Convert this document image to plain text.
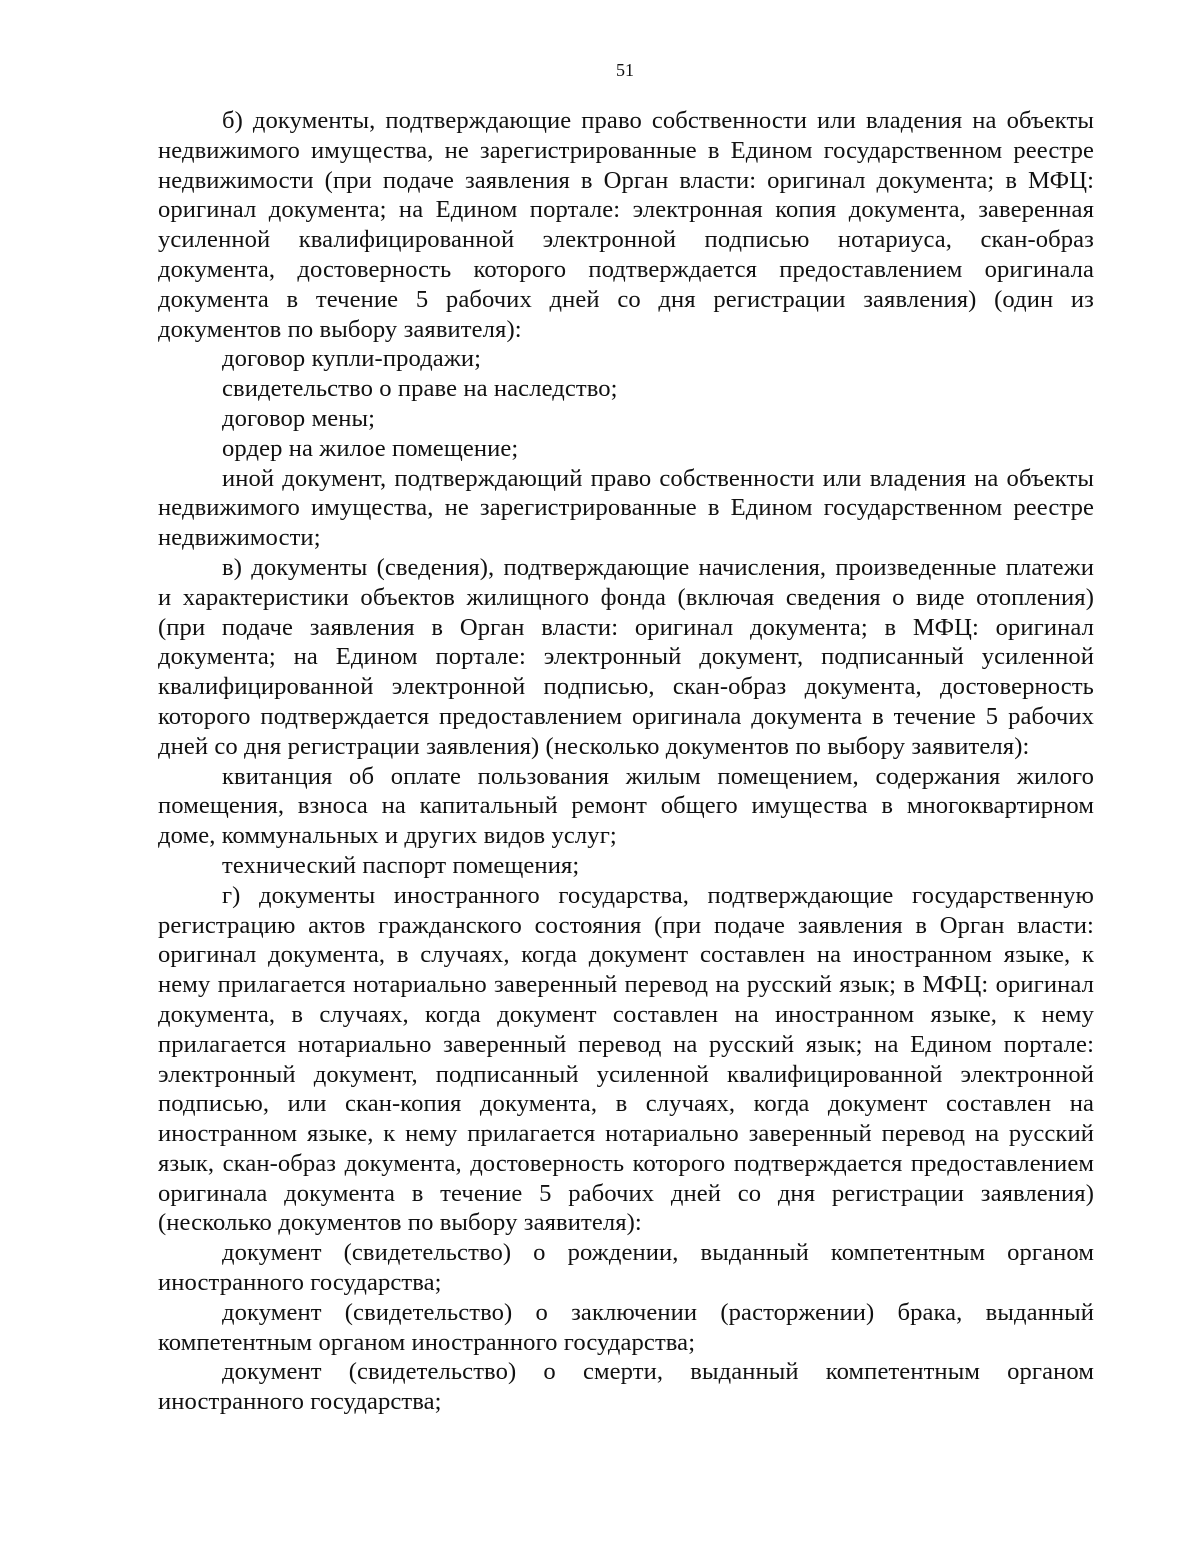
51

б) документы, подтверждающие право собственности или владения на объекты недвижимого имущества, не зарегистрированные в Едином государственном реестре недвижимости (при подаче заявления в Орган власти: оригинал документа; в МФЦ: оригинал документа; на Едином портале: электронная копия документа, заверенная усиленной квалифицированной электронной подписью нотариуса, скан-образ документа, достоверность которого подтверждается предоставлением оригинала документа в течение 5 рабочих дней со дня регистрации заявления) (один из документов по выбору заявителя):

договор купли-продажи;

свидетельство о праве на наследство;

договор мены;

ордер на жилое помещение;

иной документ, подтверждающий право собственности или владения на объекты недвижимого имущества, не зарегистрированные в Едином государственном реестре недвижимости;

в) документы (сведения), подтверждающие начисления, произведенные платежи и характеристики объектов жилищного фонда (включая сведения о виде отопления) (при подаче заявления в Орган власти: оригинал документа; в МФЦ: оригинал документа; на Едином портале: электронный документ, подписанный усиленной квалифицированной электронной подписью, скан-образ документа, достоверность которого подтверждается предоставлением оригинала документа в течение 5 рабочих дней со дня регистрации заявления) (несколько документов по выбору заявителя):

квитанция об оплате пользования жилым помещением, содержания жилого помещения, взноса на капитальный ремонт общего имущества в многоквартирном доме, коммунальных и других видов услуг;

технический паспорт помещения;

г) документы иностранного государства, подтверждающие государственную регистрацию актов гражданского состояния (при подаче заявления в Орган власти: оригинал документа, в случаях, когда документ составлен на иностранном языке, к нему прилагается нотариально заверенный перевод на русский язык; в МФЦ: оригинал документа, в случаях, когда документ составлен на иностранном языке, к нему прилагается нотариально заверенный перевод на русский язык; на Едином портале: электронный документ, подписанный усиленной квалифицированной электронной подписью, или скан-копия документа, в случаях, когда документ составлен на иностранном языке, к нему прилагается нотариально заверенный перевод на русский язык, скан-образ документа, достоверность которого подтверждается предоставлением оригинала документа в течение 5 рабочих дней со дня регистрации заявления) (несколько документов по выбору заявителя):

документ (свидетельство) о рождении, выданный компетентным органом иностранного государства;

документ (свидетельство) о заключении (расторжении) брака, выданный компетентным органом иностранного государства;

документ (свидетельство) о смерти, выданный компетентным органом иностранного государства;
